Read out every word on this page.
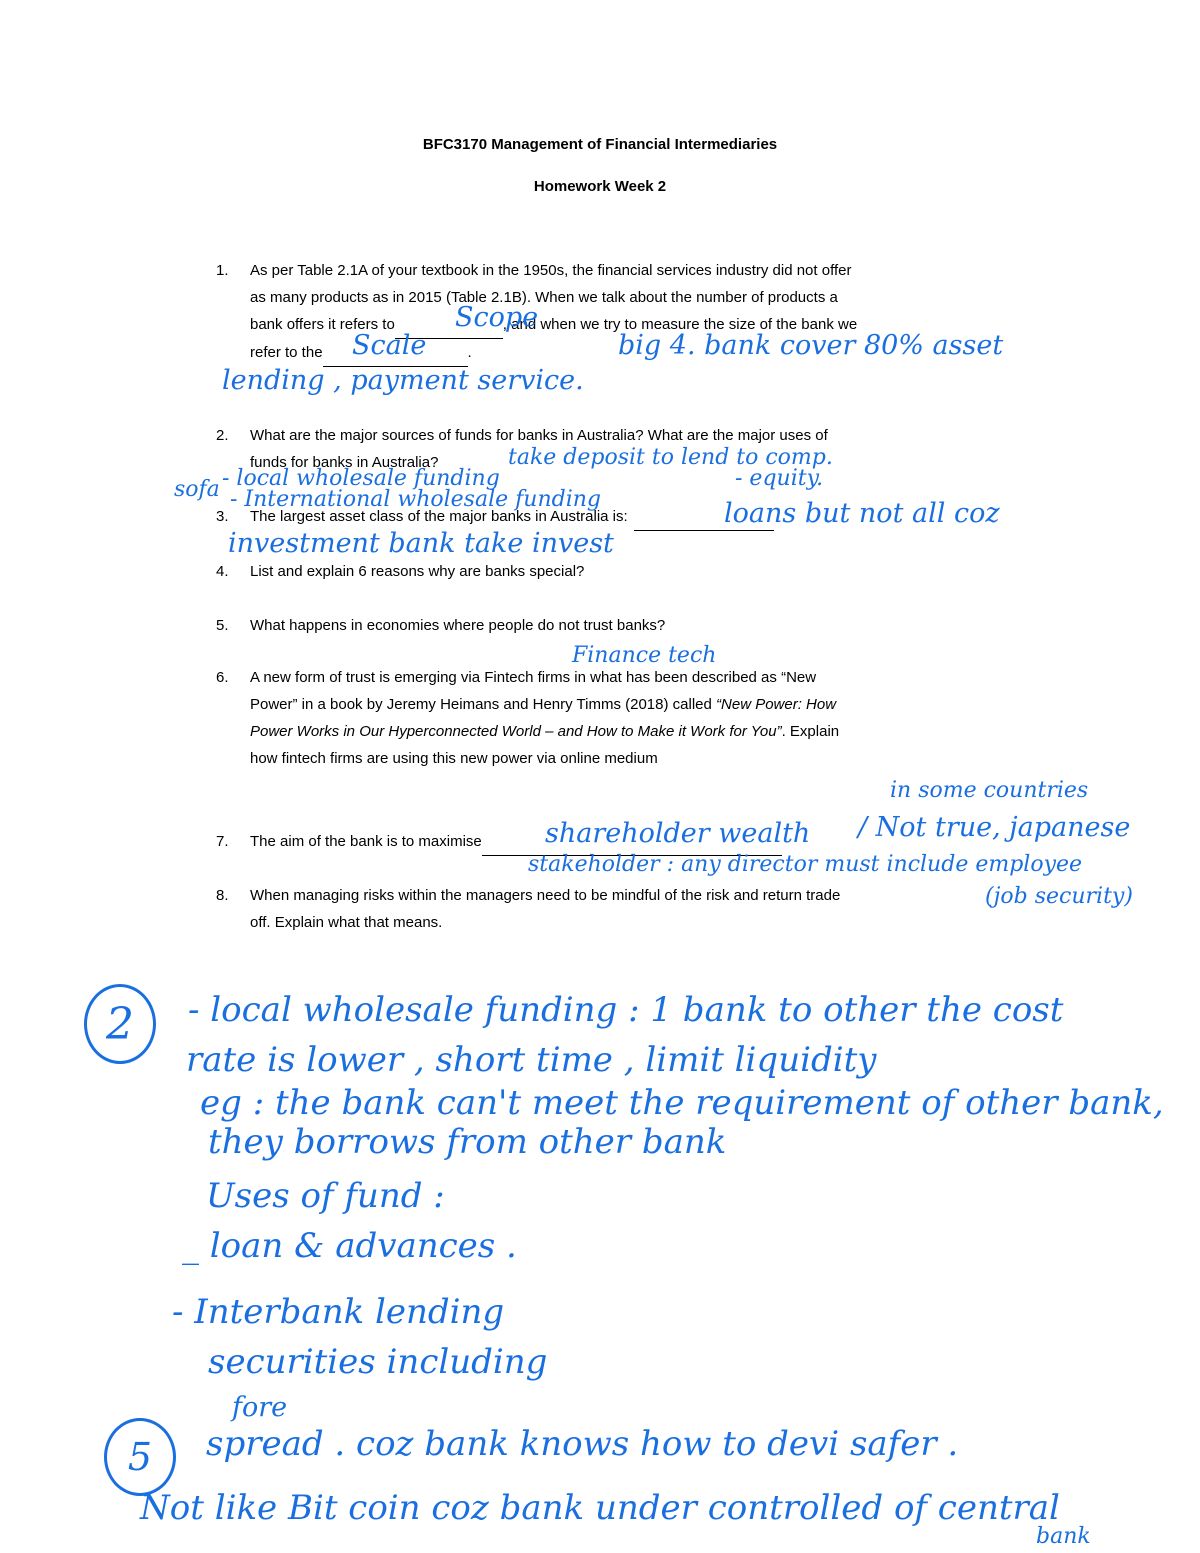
BFC3170 Management of Financial Intermediaries
Homework Week 2
1. As per Table 2.1A of your textbook in the 1950s, the financial services industry did not offer
as many products as in 2015 (Table 2.1B). When we talk about the number of products a
bank offers it refers to	, and when we try to measure the size of the bank we
refer to the	.
2. What are the major sources of funds for banks in Australia? What are the major uses of
funds for banks in Australia?
3. The largest asset class of the major banks in Australia is:
4. List and explain 6 reasons why are banks special?
5. What happens in economies where people do not trust banks?
6. A new form of trust is emerging via Fintech firms in what has been described as “New
Power” in a book by Jeremy Heimans and Henry Timms (2018) called “New Power: How
Power Works in Our Hyperconnected World – and How to Make it Work for You”. Explain
how fintech firms are using this new power via online medium
7. The aim of the bank is to maximise
8. When managing risks within the managers need to be mindful of the risk and return trade
off. Explain what that means.
Scope
Scale	big 4. bank cover 80% asset
lending , payment service.
take deposit to lend to comp.
- local wholesale funding
sofa - International wholesale funding
- equity.
loans but not all coz
investment bank take invest
Finance tech
in some countries
shareholder wealth / Not true, japanese
stakeholder : any director must include employee
(job security)
2	- local wholesale funding : 1 bank to other the cost
rate is lower , short time , limit liquidity
eg : the bank can't meet the requirement of other bank,
they borrows from other bank
Uses of fund :
_ loan & advances .
- Interbank lending
securities including
fore
5	spread . coz bank knows how to devi safer .
Not like Bit coin coz bank under controlled of central
bank
